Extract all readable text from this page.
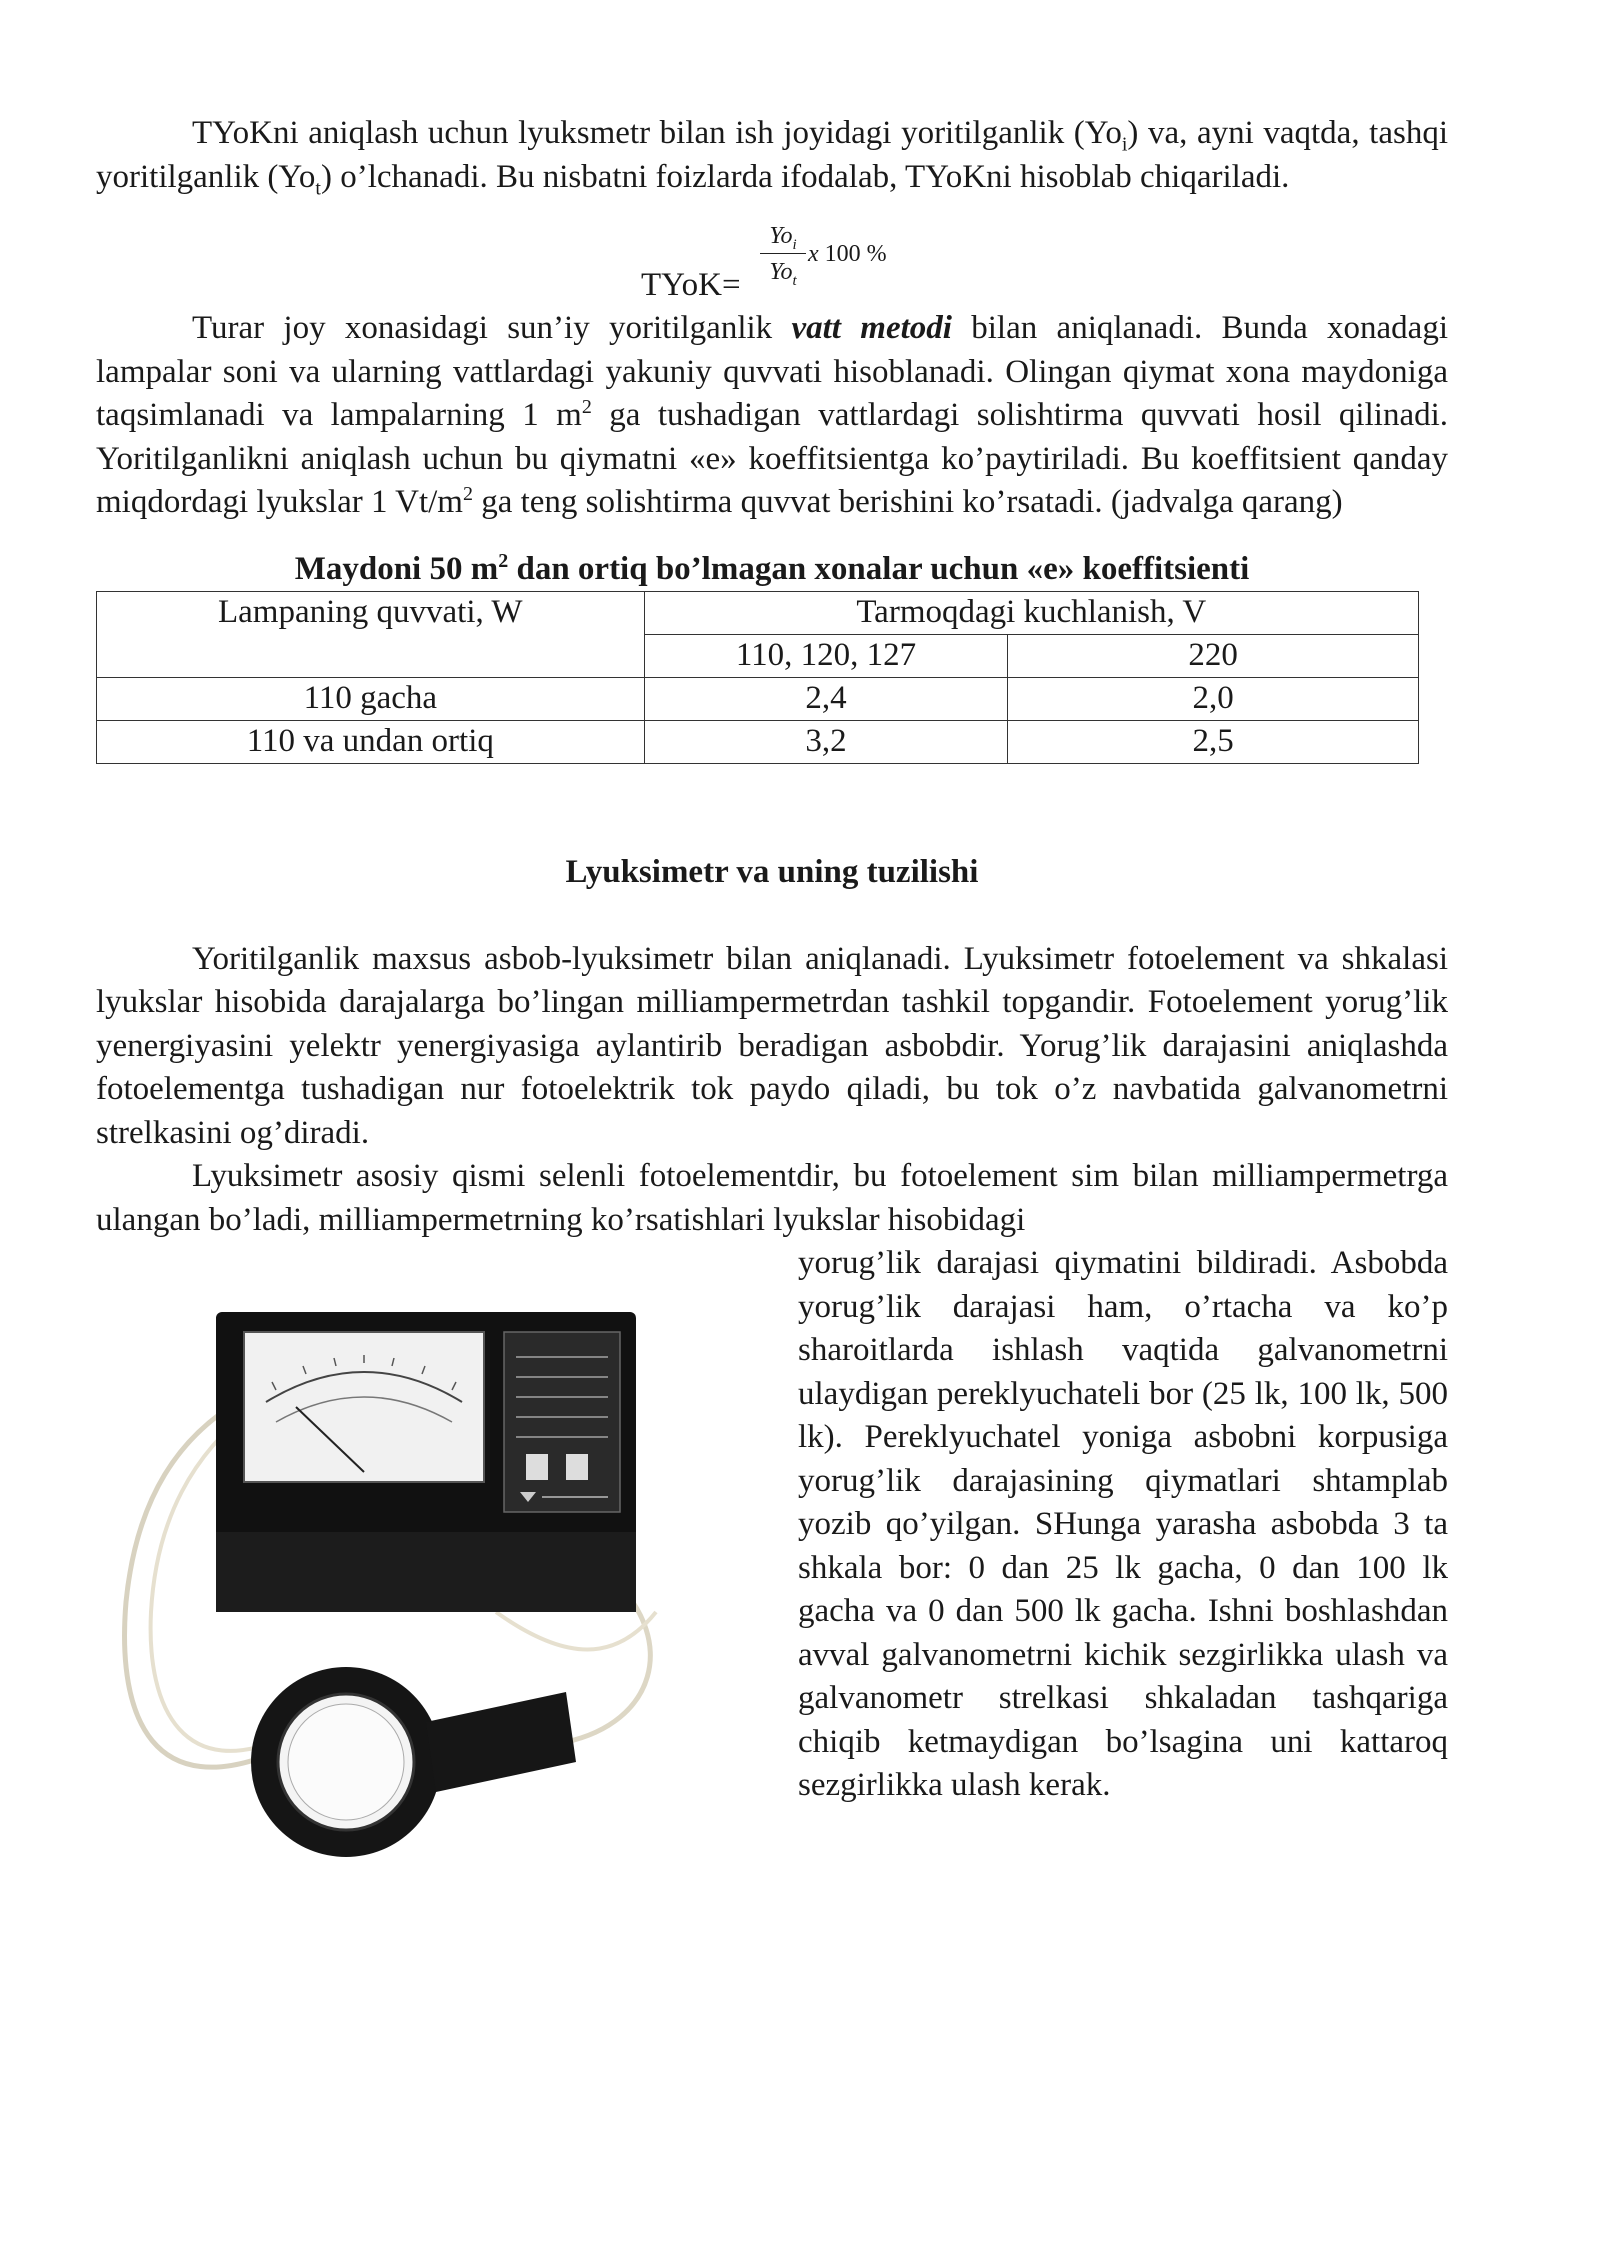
TYoKni aniqlash uchun lyuksmetr bilan ish joyidagi yoritilganlik $(Yo_i)$ va, ayni vaqtda, tashqi yoritilganlik $(Yo_t)$ o’lchanadi. Bu nisbatni foizlarda ifodalab, TYoKni hisoblab chiqariladi.

TYoK=
$Yo_i$
$Yo_t$
x 100 %

Turar joy xonasidagi sun’iy yoritilganlik vatt metodi bilan aniqlanadi. Bunda xonadagi lampalar soni va ularning vattlardagi yakuniy quvvati hisoblanadi. Olingan qiymat xona maydoniga taqsimlanadi va lampalarning 1 $m^2$ ga tushadigan vattlardagi solishtirma quvvati hosil qilinadi. Yoritilganlikni aniqlash uchun bu qiymatni «e» koeffitsientga ko’paytiriladi. Bu koeffitsient qanday miqdordagi lyukslar 1 $Vt/m^2$ ga teng solishtirma quvvat berishini ko’rsatadi. (jadvalga qarang)

Maydoni 50 $m^2$ dan ortiq bo’lmagan xonalar uchun «e» koeffitsienti
Lampaning quvvati, W	Tarmoqdagi kuchlanish, V	
	110, 120, 127	220
110 gacha	2,4	2,0
110 va undan ortiq	3,2	2,5
Lyuksimetr va uning tuzilishi

Yoritilganlik maxsus asbob-lyuksimetr bilan aniqlanadi. Lyuksimetr fotoelement va shkalasi lyukslar hisobida darajalarga bo’lingan milliampermetrdan tashkil topgandir. Fotoelement yorug’lik yenergiyasini yelektr yenergiyasiga aylantirib beradigan asbobdir. Yorug’lik darajasini aniqlashda fotoelementga tushadigan nur fotoelektrik tok paydo qiladi, bu tok o’z navbatida galvanometrni strelkasini og’diradi.

Lyuksimetr asosiy qismi selenli fotoelementdir, bu fotoelement sim bilan milliampermetrga ulangan bo’ladi, milliampermetrning ko’rsatishlari lyukslar hisobidagi

yorug’lik darajasi qiymatini bildiradi. Asbobda yorug’lik darajasi ham, o’rtacha va ko’p sharoitlarda ishlash vaqtida galvanometrni ulaydigan pereklyuchateli bor (25 lk, 100 lk, 500 lk). Pereklyuchatel yoniga asbobni korpusiga yorug’lik darajasining qiymatlari shtamplab yozib qo’yilgan. SHunga yarasha asbobda 3 ta shkala bor: 0 dan 25 lk gacha, 0 dan 100 lk gacha va 0 dan 500 lk gacha. Ishni boshlashdan avval galvanometrni kichik sezgirlikka ulash va galvanometr strelkasi shkaladan tashqariga chiqib ketmaydigan bo’lsagina uni kattaroq sezgirlikka ulash kerak.
